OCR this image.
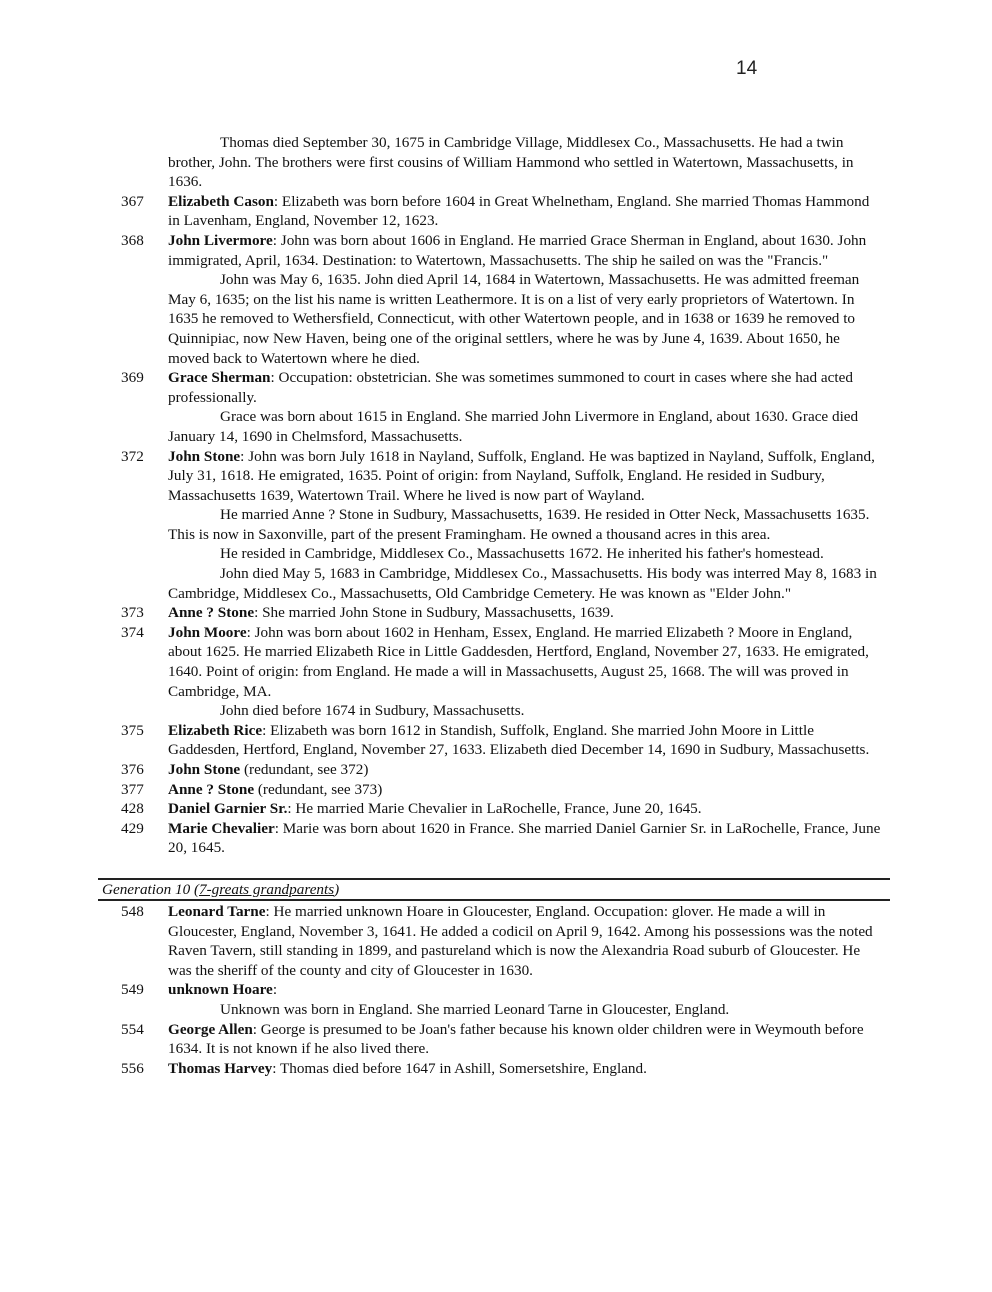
14

Thomas died September 30, 1675 in Cambridge Village, Middlesex Co., Massachusetts. He had a twin brother, John. The brothers were first cousins of William Hammond who settled in Watertown, Massachusetts, in 1636.

367 Elizabeth Cason: Elizabeth was born before 1604 in Great Whelnetham, England. She married Thomas Hammond in Lavenham, England, November 12, 1623.
368 John Livermore: John was born about 1606 in England. He married Grace Sherman in England, about 1630. John immigrated, April, 1634. Destination: to Watertown, Massachusetts. The ship he sailed on was the "Francis."
John was May 6, 1635. John died April 14, 1684 in Watertown, Massachusetts. He was admitted freeman May 6, 1635; on the list his name is written Leathermore. It is on a list of very early proprietors of Watertown. In 1635 he removed to Wethersfield, Connecticut, with other Watertown people, and in 1638 or 1639 he removed to Quinnipiac, now New Haven, being one of the original settlers, where he was by June 4, 1639. About 1650, he moved back to Watertown where he died.
369 Grace Sherman: Occupation: obstetrician. She was sometimes summoned to court in cases where she had acted professionally.
Grace was born about 1615 in England. She married John Livermore in England, about 1630. Grace died January 14, 1690 in Chelmsford, Massachusetts.
372 John Stone: John was born July 1618 in Nayland, Suffolk, England. He was baptized in Nayland, Suffolk, England, July 31, 1618. He emigrated, 1635. Point of origin: from Nayland, Suffolk, England. He resided in Sudbury, Massachusetts 1639, Watertown Trail. Where he lived is now part of Wayland.
He married Anne ? Stone in Sudbury, Massachusetts, 1639. He resided in Otter Neck, Massachusetts 1635. This is now in Saxonville, part of the present Framingham. He owned a thousand acres in this area.
He resided in Cambridge, Middlesex Co., Massachusetts 1672. He inherited his father's homestead.
John died May 5, 1683 in Cambridge, Middlesex Co., Massachusetts. His body was interred May 8, 1683 in Cambridge, Middlesex Co., Massachusetts, Old Cambridge Cemetery. He was known as "Elder John."
373 Anne ? Stone: She married John Stone in Sudbury, Massachusetts, 1639.
374 John Moore: John was born about 1602 in Henham, Essex, England. He married Elizabeth ? Moore in England, about 1625. He married Elizabeth Rice in Little Gaddesden, Hertford, England, November 27, 1633. He emigrated, 1640. Point of origin: from England. He made a will in Massachusetts, August 25, 1668. The will was proved in Cambridge, MA.
John died before 1674 in Sudbury, Massachusetts.
375 Elizabeth Rice: Elizabeth was born 1612 in Standish, Suffolk, England. She married John Moore in Little Gaddesden, Hertford, England, November 27, 1633. Elizabeth died December 14, 1690 in Sudbury, Massachusetts.
376 John Stone (redundant, see 372)
377 Anne ? Stone (redundant, see 373)
428 Daniel Garnier Sr.: He married Marie Chevalier in LaRochelle, France, June 20, 1645.
429 Marie Chevalier: Marie was born about 1620 in France. She married Daniel Garnier Sr. in LaRochelle, France, June 20, 1645.
Generation 10 (7-greats grandparents)
548 Leonard Tarne: He married unknown Hoare in Gloucester, England. Occupation: glover. He made a will in Gloucester, England, November 3, 1641. He added a codicil on April 9, 1642. Among his possessions was the noted Raven Tavern, still standing in 1899, and pastureland which is now the Alexandria Road suburb of Gloucester. He was the sheriff of the county and city of Gloucester in 1630.
549 unknown Hoare:
Unknown was born in England. She married Leonard Tarne in Gloucester, England.
554 George Allen: George is presumed to be Joan's father because his known older children were in Weymouth before 1634. It is not known if he also lived there.
556 Thomas Harvey: Thomas died before 1647 in Ashill, Somersetshire, England.
